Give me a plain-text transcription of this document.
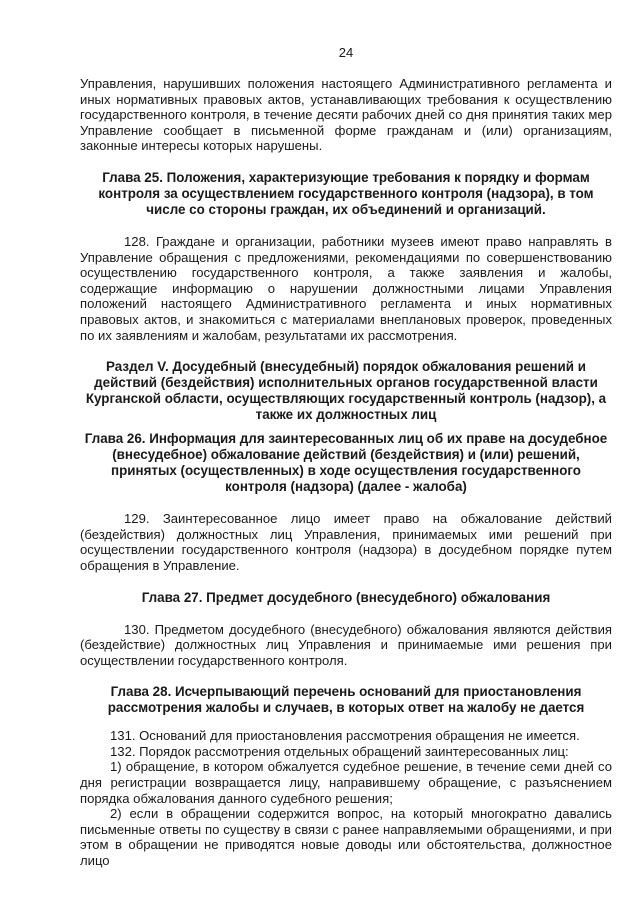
24

Управления, нарушивших положения настоящего Административного регламента и иных нормативных правовых актов, устанавливающих требования к осуществлению государственного контроля, в течение десяти рабочих дней со дня принятия таких мер Управление сообщает в письменной форме гражданам и (или) организациям, законные интересы которых нарушены.

Глава 25. Положения, характеризующие требования к порядку и формам контроля за осуществлением государственного контроля (надзора), в том числе со стороны граждан, их объединений и организаций.

128. Граждане и организации, работники музеев имеют право направлять в Управление обращения с предложениями, рекомендациями по совершенствованию осуществлению государственного контроля, а также заявления и жалобы, содержащие информацию о нарушении должностными лицами Управления положений настоящего Административного регламента и иных нормативных правовых актов, и знакомиться с материалами внеплановых проверок, проведенных по их заявлениям и жалобам, результатами их рассмотрения.

Раздел V. Досудебный (внесудебный) порядок обжалования решений и действий (бездействия) исполнительных органов государственной власти Курганской области, осуществляющих государственный контроль (надзор), а также их должностных лиц
Глава 26. Информация для заинтересованных лиц об их праве на досудебное (внесудебное) обжалование действий (бездействия) и (или) решений, принятых (осуществленных) в ходе осуществления государственного контроля (надзора) (далее - жалоба)

129. Заинтересованное лицо имеет право на обжалование действий (бездействия) должностных лиц Управления, принимаемых ими решений при осуществлении государственного контроля (надзора) в досудебном порядке путем обращения в Управление.

Глава 27. Предмет досудебного (внесудебного) обжалования

130. Предметом досудебного (внесудебного) обжалования являются действия (бездействие) должностных лиц Управления и принимаемые ими решения при осуществлении государственного контроля.

Глава 28. Исчерпывающий перечень оснований для приостановления рассмотрения жалобы и случаев, в которых ответ на жалобу не дается

131. Оснований для приостановления рассмотрения обращения не имеется.

132. Порядок рассмотрения отдельных обращений заинтересованных лиц:

1) обращение, в котором обжалуется судебное решение, в течение семи дней со дня регистрации возвращается лицу, направившему обращение, с разъяснением порядка обжалования данного судебного решения;

2) если в обращении содержится вопрос, на который многократно давались письменные ответы по существу в связи с ранее направляемыми обращениями, и при этом в обращении не приводятся новые доводы или обстоятельства, должностное лицо
